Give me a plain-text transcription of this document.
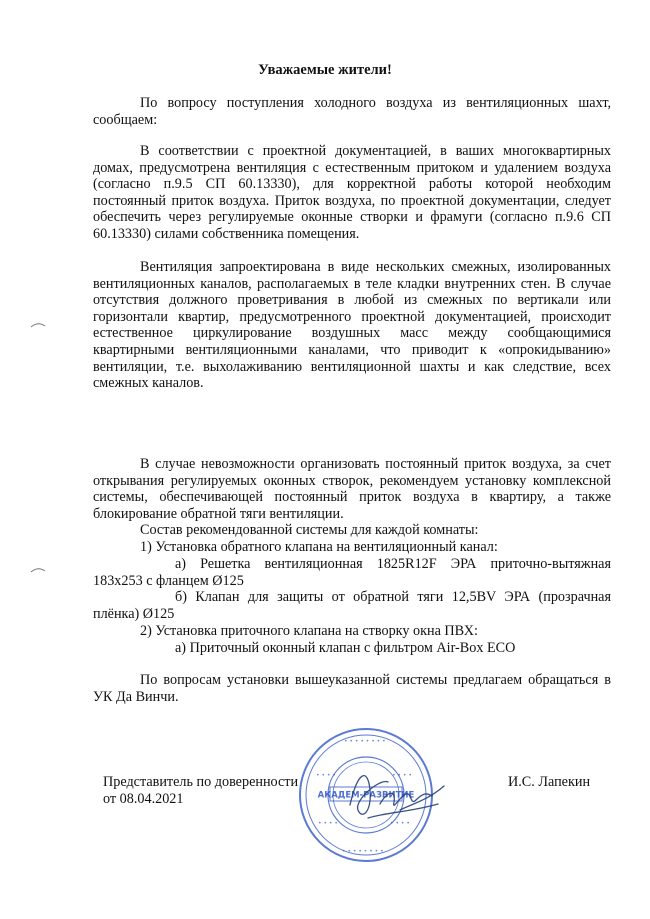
Уважаемые жители!

По вопросу поступления холодного воздуха из вентиляционных шахт, сообщаем:

В соответствии с проектной документацией, в ваших многоквартирных домах, предусмотрена вентиляция с естественным притоком и удалением воздуха (согласно п.9.5 СП 60.13330), для корректной работы которой необходим постоянный приток воздуха. Приток воздуха, по проектной документации, следует обеспечить через регулируемые оконные створки и фрамуги (согласно п.9.6 СП 60.13330) силами собственника помещения.

Вентиляция запроектирована в виде нескольких смежных, изолированных вентиляционных каналов, располагаемых в теле кладки внутренних стен. В случае отсутствия должного проветривания в любой из смежных по вертикали или горизонтали квартир, предусмотренного проектной документацией, происходит естественное циркулирование воздушных масс между сообщающимися квартирными вентиляционными каналами, что приводит к «опрокидыванию» вентиляции, т.е. выхолаживанию вентиляционной шахты и как следствие, всех смежных каналов.

В случае невозможности организовать постоянный приток воздуха, за счет открывания регулируемых оконных створок, рекомендуем установку комплексной системы, обеспечивающей постоянный приток воздуха в квартиру, а также блокирование обратной тяги вентиляции.

Состав рекомендованной системы для каждой комнаты:
1) Установка обратного клапана на вентиляционный канал:

а) Решетка вентиляционная 1825R12F ЭРА приточно-вытяжная 183х253 с фланцем Ø125

б) Клапан для защиты от обратной тяги 12,5BV ЭРА (прозрачная плёнка) Ø125

2) Установка приточного клапана на створку окна ПВХ:
а) Приточный оконный клапан с фильтром Air-Box ECO

По вопросам установки вышеуказанной системы предлагаем обращаться в УК Да Винчи.

Представитель по доверенности
от 08.04.2021
И.С. Лапекин
• • • • • • • •
• • • •	• • • •
• • • •	• • • •
• • • • • • • •
АКАДЕМ-РАЗВИТИЕ
